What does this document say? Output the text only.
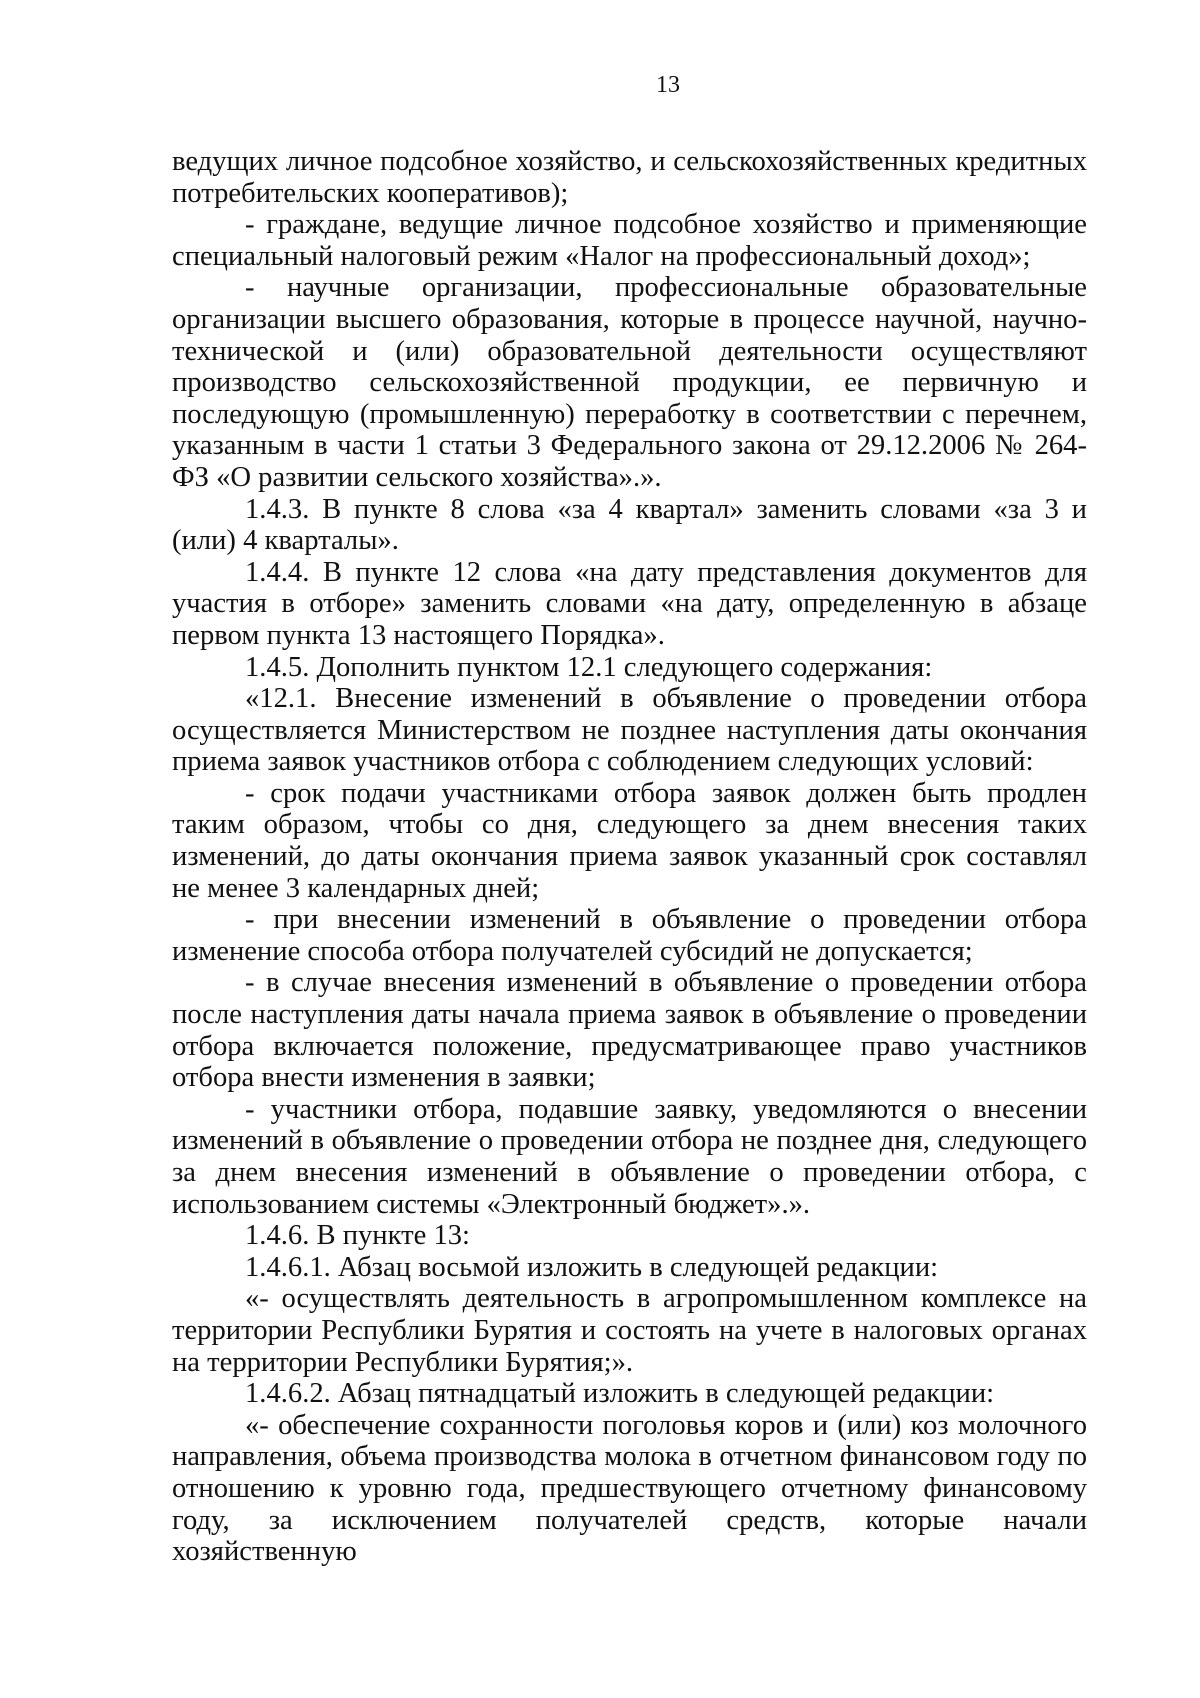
13

ведущих личное подсобное хозяйство, и сельскохозяйственных кредитных потребительских кооперативов);

- граждане, ведущие личное подсобное хозяйство и применяющие специальный налоговый режим «Налог на профессиональный доход»;

- научные организации, профессиональные образовательные организации высшего образования, которые в процессе научной, научно-технической и (или) образовательной деятельности осуществляют производство сельскохозяйственной продукции, ее первичную и последующую (промышленную) переработку в соответствии с перечнем, указанным в части 1 статьи 3 Федерального закона от 29.12.2006 № 264-ФЗ «О развитии сельского хозяйства».».

1.4.3. В пункте 8 слова «за 4 квартал» заменить словами «за 3 и (или) 4 кварталы».

1.4.4. В пункте 12 слова «на дату представления документов для участия в отборе» заменить словами «на дату, определенную в абзаце первом пункта 13 настоящего Порядка».

1.4.5. Дополнить пунктом 12.1 следующего содержания:

«12.1. Внесение изменений в объявление о проведении отбора осуществляется Министерством не позднее наступления даты окончания приема заявок участников отбора с соблюдением следующих условий:

- срок подачи участниками отбора заявок должен быть продлен таким образом, чтобы со дня, следующего за днем внесения таких изменений, до даты окончания приема заявок указанный срок составлял не менее 3 календарных дней;

- при внесении изменений в объявление о проведении отбора изменение способа отбора получателей субсидий не допускается;

- в случае внесения изменений в объявление о проведении отбора после наступления даты начала приема заявок в объявление о проведении отбора включается положение, предусматривающее право участников отбора внести изменения в заявки;

- участники отбора, подавшие заявку, уведомляются о внесении изменений в объявление о проведении отбора не позднее дня, следующего за днем внесения изменений в объявление о проведении отбора, с использованием системы «Электронный бюджет».».

1.4.6. В пункте 13:

1.4.6.1. Абзац восьмой изложить в следующей редакции:

«- осуществлять деятельность в агропромышленном комплексе на территории Республики Бурятия и состоять на учете в налоговых органах на территории Республики Бурятия;».

1.4.6.2. Абзац пятнадцатый изложить в следующей редакции:

«- обеспечение сохранности поголовья коров и (или) коз молочного направления, объема производства молока в отчетном финансовом году по отношению к уровню года, предшествующего отчетному финансовому году, за исключением получателей средств, которые начали хозяйственную
